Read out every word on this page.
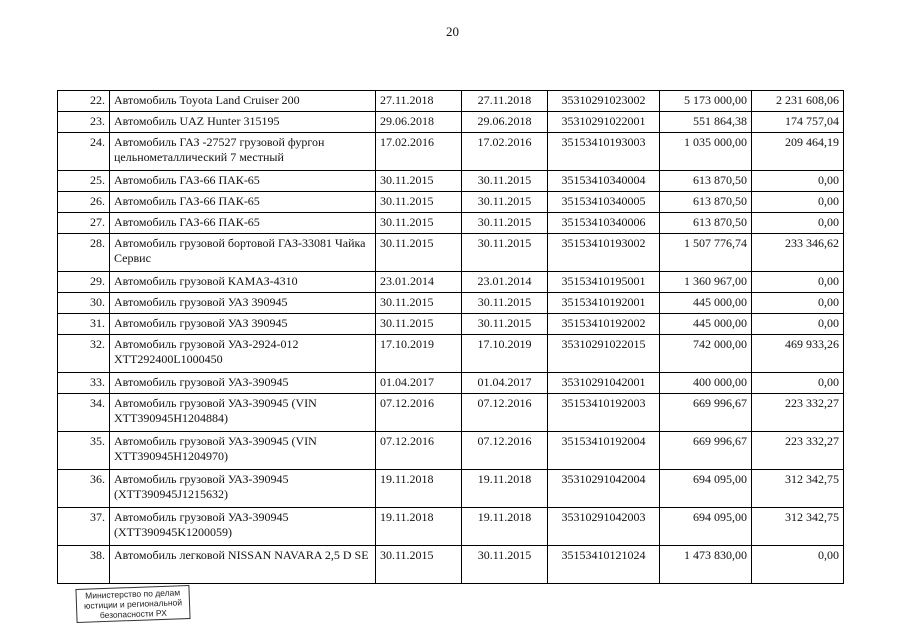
20
22.	Автомобиль Toyota Land Cruiser 200	27.11.2018	27.11.2018	35310291023002	5 173 000,00	2 231 608,06
23.	Автомобиль UAZ Hunter 315195	29.06.2018	29.06.2018	35310291022001	551 864,38	174 757,04
24.	Автомобиль ГАЗ -27527 грузовой фургон цельнометаллический 7 местный	17.02.2016	17.02.2016	35153410193003	1 035 000,00	209 464,19
25.	Автомобиль ГАЗ-66 ПАК-65	30.11.2015	30.11.2015	35153410340004	613 870,50	0,00
26.	Автомобиль ГАЗ-66 ПАК-65	30.11.2015	30.11.2015	35153410340005	613 870,50	0,00
27.	Автомобиль ГАЗ-66 ПАК-65	30.11.2015	30.11.2015	35153410340006	613 870,50	0,00
28.	Автомобиль грузовой бортовой ГАЗ-33081 Чайка Сервис	30.11.2015	30.11.2015	35153410193002	1 507 776,74	233 346,62
29.	Автомобиль грузовой КАМАЗ-4310	23.01.2014	23.01.2014	35153410195001	1 360 967,00	0,00
30.	Автомобиль грузовой УАЗ 390945	30.11.2015	30.11.2015	35153410192001	445 000,00	0,00
31.	Автомобиль грузовой УАЗ 390945	30.11.2015	30.11.2015	35153410192002	445 000,00	0,00
32.	Автомобиль грузовой УАЗ-2924-012 ХТТ292400L1000450	17.10.2019	17.10.2019	35310291022015	742 000,00	469 933,26
33.	Автомобиль грузовой УАЗ-390945	01.04.2017	01.04.2017	35310291042001	400 000,00	0,00
34.	Автомобиль грузовой УАЗ-390945 (VIN ХТТ390945H1204884)	07.12.2016	07.12.2016	35153410192003	669 996,67	223 332,27
35.	Автомобиль грузовой УАЗ-390945 (VIN ХТТ390945H1204970)	07.12.2016	07.12.2016	35153410192004	669 996,67	223 332,27
36.	Автомобиль грузовой УАЗ-390945 (ХТТ390945J1215632)	19.11.2018	19.11.2018	35310291042004	694 095,00	312 342,75
37.	Автомобиль грузовой УАЗ-390945 (ХТТ390945K1200059)	19.11.2018	19.11.2018	35310291042003	694 095,00	312 342,75
38.	Автомобиль легковой NISSAN NAVARA 2,5 D SE	30.11.2015	30.11.2015	35153410121024	1 473 830,00	0,00
Министерство по делам
юстиции и региональной
безопасности РХ
